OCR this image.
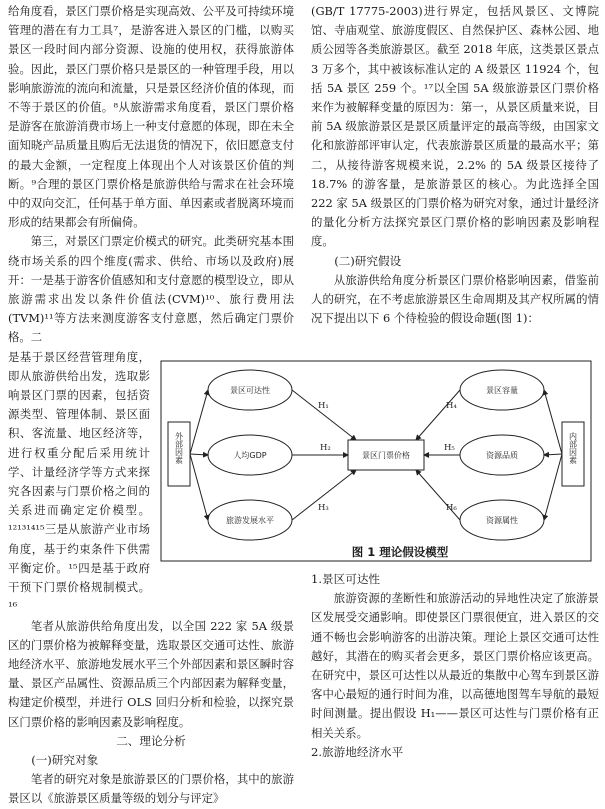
给角度看，景区门票价格是实现高效、公平及可持续环境管理的潜在有力工具⁷，是游客进入景区的门槛，以购买景区一段时间内部分资源、设施的使用权，获得旅游体验。因此，景区门票价格只是景区的一种管理手段，用以影响旅游流的流向和流量，只是景区经济价值的体现，而不等于景区的价值。⁸从旅游需求角度看，景区门票价格是游客在旅游消费市场上一种支付意愿的体现，即在未全面知晓产品质量且购后无法退货的情况下，依旧愿意支付的最大金额，一定程度上体现出个人对该景区价值的判断。⁹合理的景区门票价格是旅游供给与需求在社会环境中的双向交汇，任何基于单方面、单因素或者脱离环境而形成的结果都会有所偏倚。

第三，对景区门票定价模式的研究。此类研究基本围绕市场关系的四个维度(需求、供给、市场以及政府)展开：一是基于游客价值感知和支付意愿的模型设立，即从旅游需求出发以条件价值法(CVM)¹⁰、旅行费用法(TVM)¹¹等方法来测度游客支付意愿，然后确定门票价格。二

是基于景区经营管理角度，即从旅游供给出发，选取影响景区门票的因素，包括资源类型、管理体制、景区面积、客流量、地区经济等，进行权重分配后采用统计学、计量经济学等方式来探究各因素与门票价格之间的关系进而确定定价模型。¹²¹³¹⁴¹⁵三是从旅游产业市场角度，基于约束条件下供需平衡定价。¹⁵四是基于政府干预下门票价格规制模式。¹⁶

笔者从旅游供给角度出发，以全国 222 家 5A 级景区的门票价格为被解释变量，选取景区交通可达性、旅游地经济水平、旅游地发展水平三个外部因素和景区瞬时容量、景区产品属性、资源品质三个内部因素为解释变量，构建定价模型，并进行 OLS 回归分析和检验，以探究景区门票价格的影响因素及影响程度。

二、理论分析
(一)研究对象

笔者的研究对象是旅游景区的门票价格，其中的旅游景区以《旅游景区质量等级的划分与评定》

(GB/T 17775-2003)进行界定，包括风景区、文博院馆、寺庙观堂、旅游度假区、自然保护区、森林公园、地质公园等各类旅游景区。截至 2018 年底，这类景区景点 3 万多个，其中被该标准认定的 A 级景区 11924 个，包括 5A 景区 259 个。¹⁷以全国 5A 级旅游景区门票价格来作为被解释变量的原因为：第一，从景区质量来说，目前 5A 级旅游景区是景区质量评定的最高等级，由国家文化和旅游部评审认定，代表旅游景区质量的最高水平；第二，从接待游客规模来说，2.2% 的 5A 级景区接待了 18.7% 的游客量，是旅游景区的核心。为此选择全国 222 家 5A 级景区的门票价格为研究对象，通过计量经济的量化分析方法探究景区门票价格的影响因素及影响程度。

(二)研究假设

从旅游供给角度分析景区门票价格影响因素，借鉴前人的研究，在不考虑旅游景区生命周期及其产权所属的情况下提出以下 6 个待检验的假设命题(图 1)：

外部因素	内部因素
景区可达性
人均GDP
旅游发展水平
景区容量
资源品质
资源属性
景区门票价格
H₁
H₂
H₃
H₄
H₅
H₆
图 1 理论假设模型
1.景区可达性

旅游资源的垄断性和旅游活动的异地性决定了旅游景区发展受交通影响。即使景区门票很便宜，进入景区的交通不畅也会影响游客的出游决策。理论上景区交通可达性越好，其潜在的购买者会更多，景区门票价格应该更高。在研究中，景区可达性以从最近的集散中心驾车到景区游客中心最短的通行时间为准，以高德地图驾车导航的最短时间测量。提出假设 H₁——景区可达性与门票价格有正相关关系。

2.旅游地经济水平
